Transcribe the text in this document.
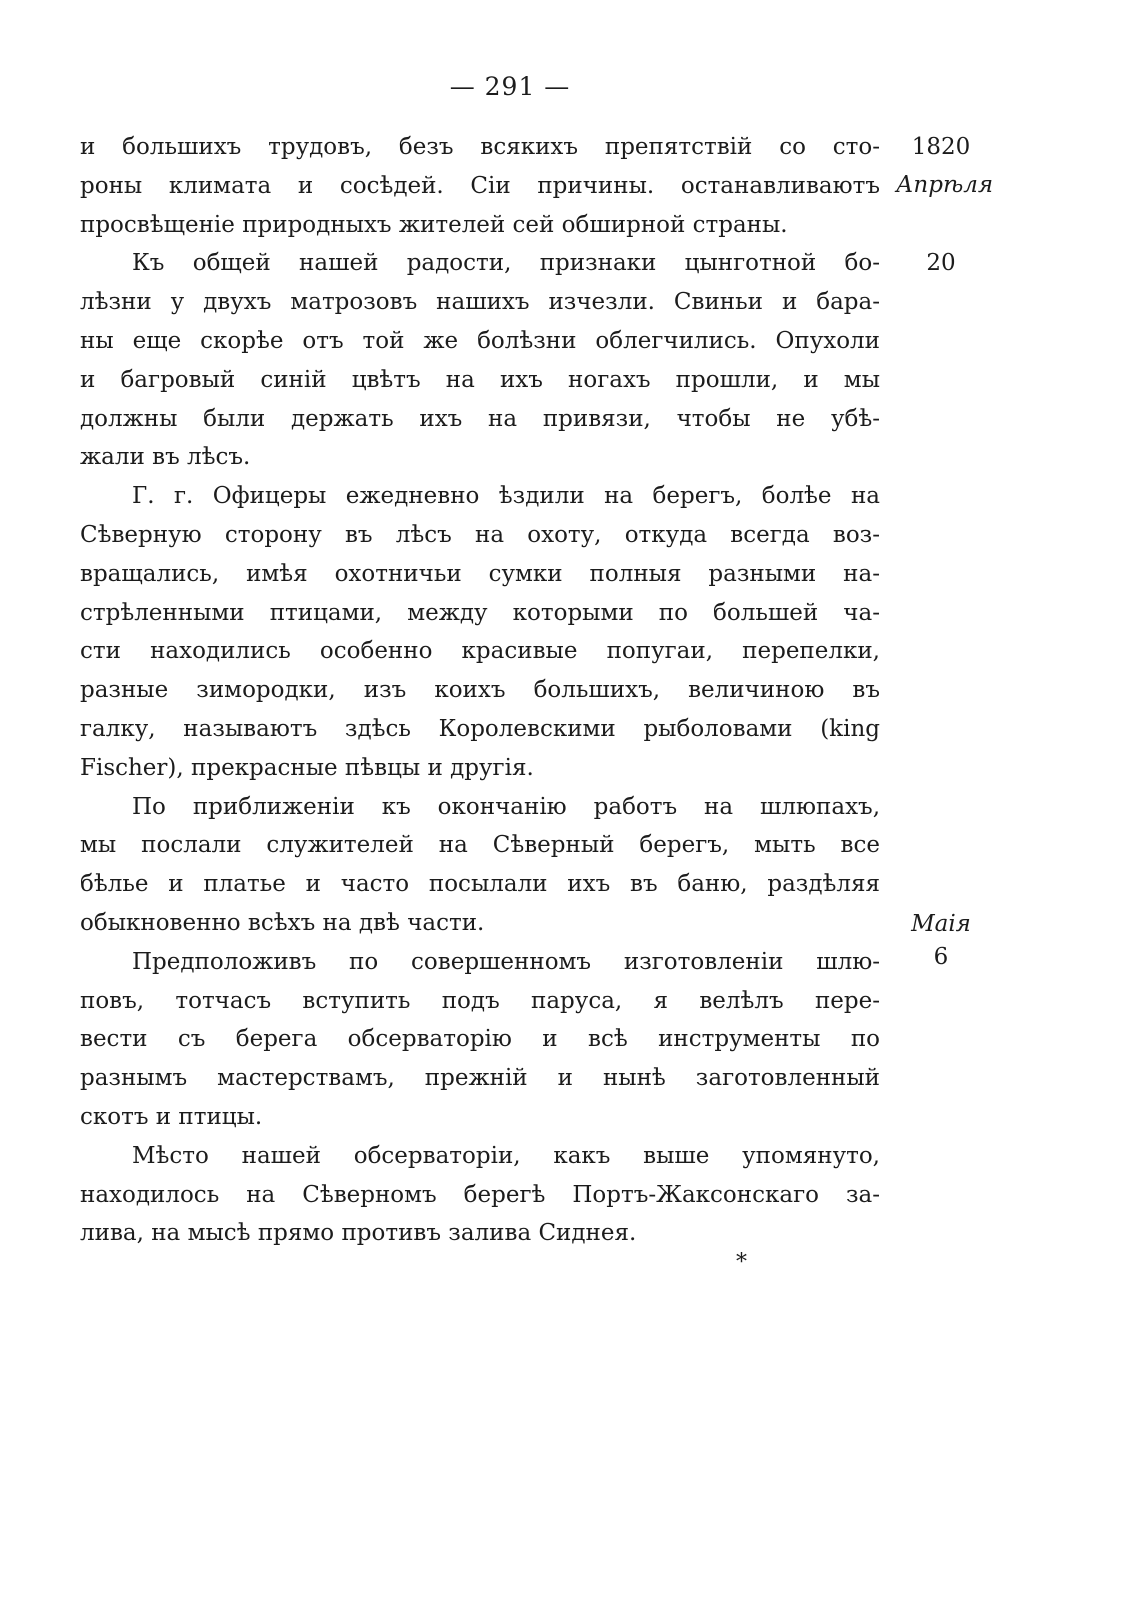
— 291 —
и большихъ трудовъ, безъ всякихъ препятствій со сто-
роны климата и сосѣдей. Сіи причины. останавливаютъ
просвѣщеніе природныхъ жителей сей обширной страны.
Къ общей нашей радости, признаки цынготной бо-
лѣзни у двухъ матрозовъ нашихъ изчезли. Свиньи и бара-
ны еще скорѣе отъ той же болѣзни облегчились. Опухоли
и багровый синій цвѣтъ на ихъ ногахъ прошли, и мы
должны были держать ихъ на привязи, чтобы не убѣ-
жали въ лѣсъ.
Г. г. Офицеры ежедневно ѣздили на берегъ, болѣе на
Сѣверную сторону въ лѣсъ на охоту, откуда всегда воз-
вращались, имѣя охотничьи сумки полныя разными на-
стрѣленными птицами, между которыми по большей ча-
сти находились особенно красивые попугаи, перепелки,
разные зимородки, изъ коихъ большихъ, величиною въ
галку, называютъ здѣсь Королевскими рыболовами (king
Fischer), прекрасные пѣвцы и другія.
По приближеніи къ окончанію работъ на шлюпахъ,
мы послали служителей на Сѣверный берегъ, мыть все
бѣлье и платье и часто посылали ихъ въ баню, раздѣляя
обыкновенно всѣхъ на двѣ части.
Предположивъ по совершенномъ изготовленіи шлю-
повъ, тотчасъ вступить подъ паруса, я велѣлъ пере-
вести съ берега обсерваторію и всѣ инструменты по
разнымъ мастерствамъ, прежній и нынѣ заготовленный
скотъ и птицы.
Мѣсто нашей обсерваторіи, какъ выше упомянуто,
находилось на Сѣверномъ берегѣ Портъ-Жаксонскаго за-
лива, на мысѣ прямо противъ залива Сиднея.
1820
Апрѣля
20
Маія
6
*
